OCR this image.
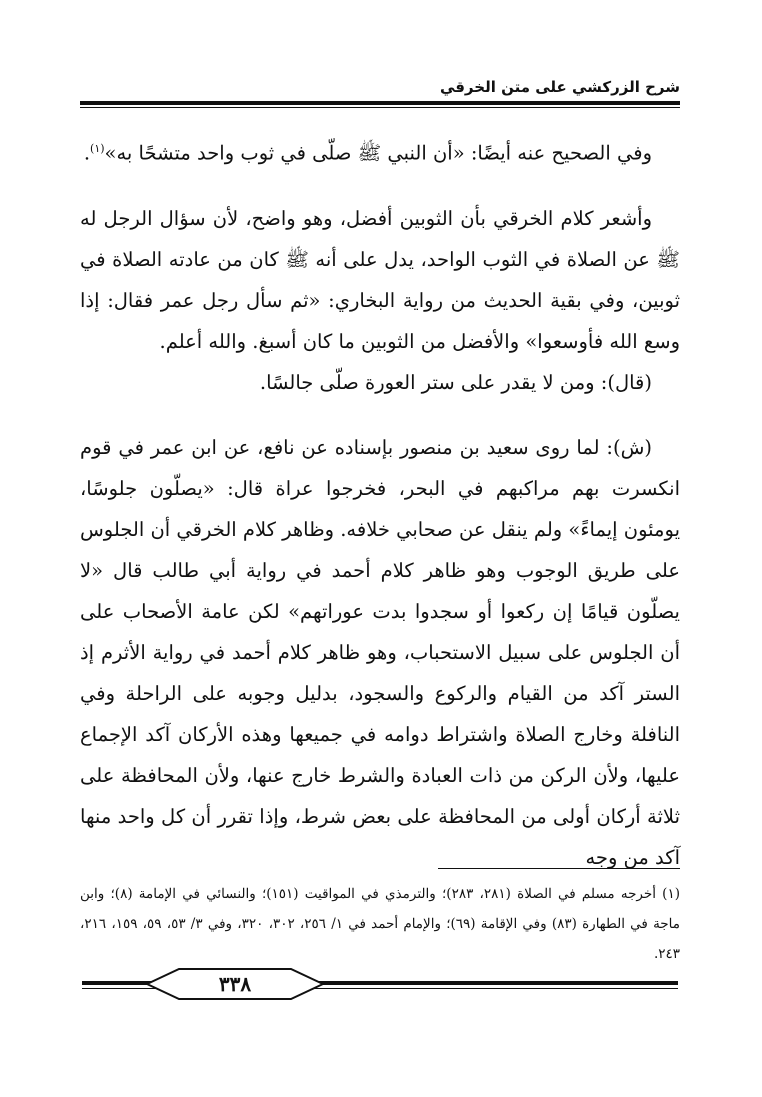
شرح الزركشي على متن الخرقي

وفي الصحيح عنه أيضًا: «أن النبي ﷺ صلّى في ثوب واحد متشحًا به»$^{(١)}$.

وأشعر كلام الخرقي بأن الثوبين أفضل، وهو واضح، لأن سؤال الرجل له ﷺ عن الصلاة في الثوب الواحد، يدل على أنه ﷺ كان من عادته الصلاة في ثوبين، وفي بقية الحديث من رواية البخاري: «ثم سأل رجل عمر فقال: إذا وسع الله فأوسعوا» والأفضل من الثوبين ما كان أسبغ. والله أعلم.

(قال): ومن لا يقدر على ستر العورة صلّى جالسًا.

(ش): لما روى سعيد بن منصور بإسناده عن نافع، عن ابن عمر في قوم انكسرت بهم مراكبهم في البحر، فخرجوا عراة قال: «يصلّون جلوسًا، يومئون إيماءً» ولم ينقل عن صحابي خلافه. وظاهر كلام الخرقي أن الجلوس على طريق الوجوب وهو ظاهر كلام أحمد في رواية أبي طالب قال «لا يصلّون قيامًا إن ركعوا أو سجدوا بدت عوراتهم» لكن عامة الأصحاب على أن الجلوس على سبيل الاستحباب، وهو ظاهر كلام أحمد في رواية الأثرم إذ الستر آكد من القيام والركوع والسجود، بدليل وجوبه على الراحلة وفي النافلة وخارج الصلاة واشتراط دوامه في جميعها وهذه الأركان آكد الإجماع عليها، ولأن الركن من ذات العبادة والشرط خارج عنها، ولأن المحافظة على ثلاثة أركان أولى من المحافظة على بعض شرط، وإذا تقرر أن كل واحد منها آكد من وجه

(١) أخرجه مسلم في الصلاة (٢٨١، ٢٨٣)؛ والترمذي في المواقيت (١٥١)؛ والنسائي في الإمامة (٨)؛ وابن ماجة في الطهارة (٨٣) وفي الإقامة (٦٩)؛ والإمام أحمد في ١/ ٢٥٦، ٣٠٢، ٣٢٠، وفي ٣/ ٥٣، ٥٩، ١٥٩، ٢١٦، ٢٤٣.

٣٣٨
